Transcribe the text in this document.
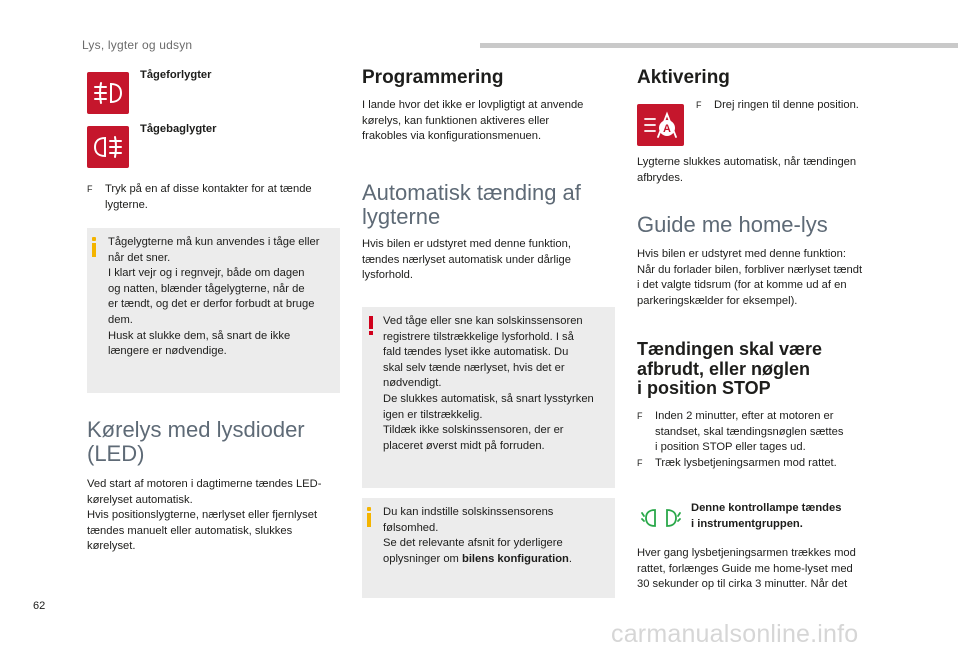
Lys, lygter og udsyn
Tågeforlygter
Tågebaglygter
F Tryk på en af disse kontakter for at tænde
lygterne.
Tågelygterne må kun anvendes i tåge eller
når det sner.
I klart vejr og i regnvejr, både om dagen
og natten, blænder tågelygterne, når de
er tændt, og det er derfor forbudt at bruge
dem.
Husk at slukke dem, så snart de ikke
længere er nødvendige.
Kørelys med lysdioder
(LED)
Ved start af motoren i dagtimerne tændes LED-
kørelyset automatisk.
Hvis positionslygterne, nærlyset eller fjernlyset
tændes manuelt eller automatisk, slukkes
kørelyset.
Programmering
I lande hvor det ikke er lovpligtigt at anvende
kørelys, kan funktionen aktiveres eller
frakobles via konfigurationsmenuen.
Automatisk tænding af
lygterne
Hvis bilen er udstyret med denne funktion,
tændes nærlyset automatisk under dårlige
lysforhold.
Ved tåge eller sne kan solskinssensoren
registrere tilstrækkelige lysforhold. I så
fald tændes lyset ikke automatisk. Du
skal selv tænde nærlyset, hvis det er
nødvendigt.
De slukkes automatisk, så snart lysstyrken
igen er tilstrækkelig.
Tildæk ikke solskinssensoren, der er
placeret øverst midt på forruden.
Du kan indstille solskinssensorens
følsomhed.
Se det relevante afsnit for yderligere
oplysninger om bilens konfiguration.
Aktivering
A
F Drej ringen til denne position.
Lygterne slukkes automatisk, når tændingen
afbrydes.
Guide me home-lys
Hvis bilen er udstyret med denne funktion:
Når du forlader bilen, forbliver nærlyset tændt
i det valgte tidsrum (for at komme ud af en
parkeringskælder for eksempel).
Tændingen skal være
afbrudt, eller nøglen
i position STOP
F Inden 2 minutter, efter at motoren er
standset, skal tændingsnøglen sættes
i position STOP eller tages ud.
F Træk lysbetjeningsarmen mod rattet.
Denne kontrollampe tændes
i instrumentgruppen.
Hver gang lysbetjeningsarmen trækkes mod
rattet, forlænges Guide me home-lyset med
30 sekunder op til cirka 3 minutter. Når det
62
carmanualsonline.info
